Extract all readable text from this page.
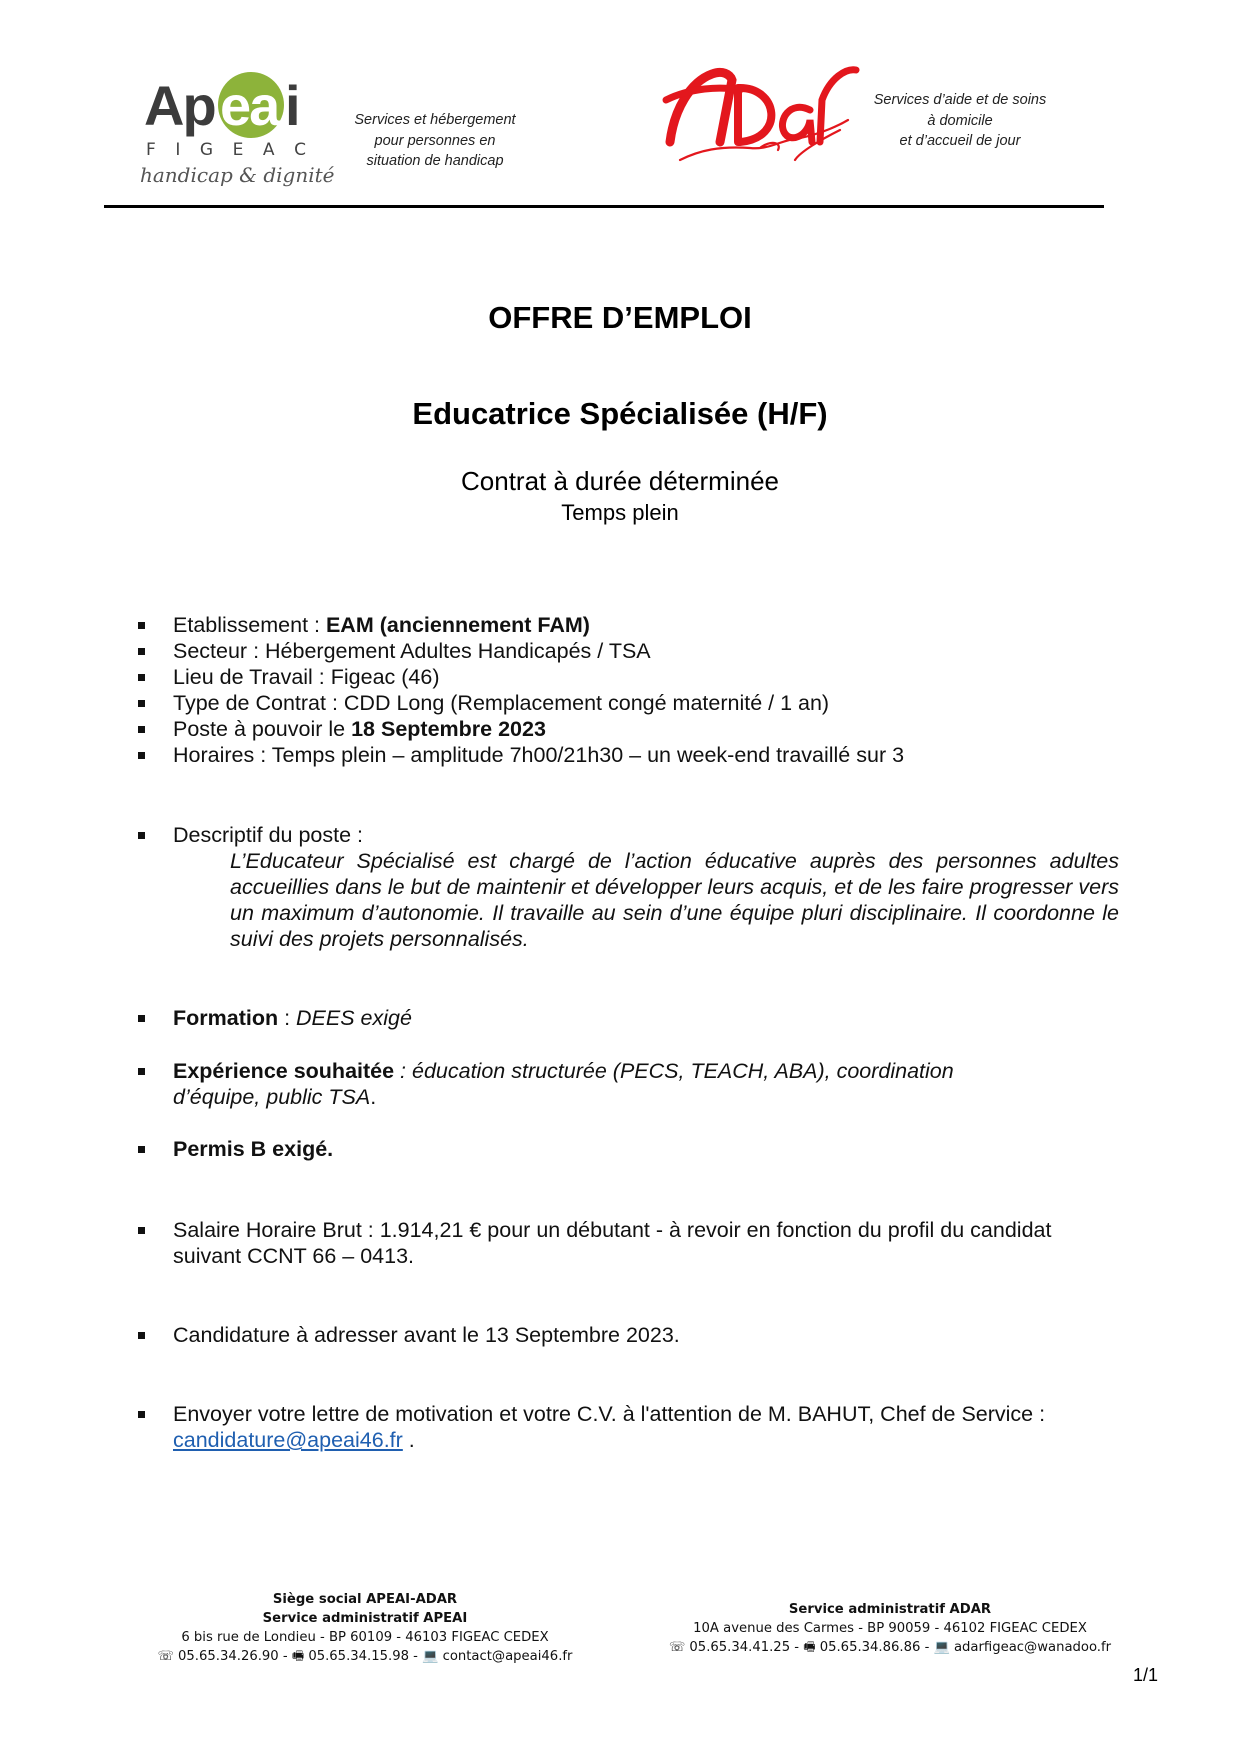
Ap ea i
F I G E A C
handicap & dignité
Services et hébergement
pour personnes en
situation de handicap
Services d’aide et de soins
à domicile
et d’accueil de jour
OFFRE D’EMPLOI
Educatrice Spécialisée (H/F)
Contrat à durée déterminée
Temps plein
Etablissement : EAM (anciennement FAM)
Secteur : Hébergement Adultes Handicapés / TSA
Lieu de Travail : Figeac (46)
Type de Contrat : CDD Long (Remplacement congé maternité / 1 an)
Poste à pouvoir le 18 Septembre 2023
Horaires : Temps plein – amplitude 7h00/21h30 – un week-end travaillé sur 3
Descriptif du poste :
L’Educateur Spécialisé est chargé de l’action éducative auprès des personnes adultes accueillies dans le but de maintenir et développer leurs acquis, et de les faire progresser vers un maximum d’autonomie. Il travaille au sein d’une équipe pluri disciplinaire. Il coordonne le suivi des projets personnalisés.
Formation : DEES exigé
Expérience souhaitée : éducation structurée (PECS, TEACH, ABA), coordination d’équipe, public TSA.
Permis B exigé.
Salaire Horaire Brut : 1.914,21 € pour un débutant - à revoir en fonction du profil du candidat suivant CCNT 66 – 0413.
Candidature à adresser avant le 13 Septembre 2023.
Envoyer votre lettre de motivation et votre C.V. à l'attention de M. BAHUT, Chef de Service : candidature@apeai46.fr .
Siège social APEAI-ADAR
Service administratif APEAI
6 bis rue de Londieu - BP 60109 - 46103 FIGEAC CEDEX
☏ 05.65.34.26.90 - 🖷 05.65.34.15.98 - 💻 contact@apeai46.fr
Service administratif ADAR
10A avenue des Carmes - BP 90059 - 46102 FIGEAC CEDEX
☏ 05.65.34.41.25 - 🖷 05.65.34.86.86 - 💻 adarfigeac@wanadoo.fr
1/1
